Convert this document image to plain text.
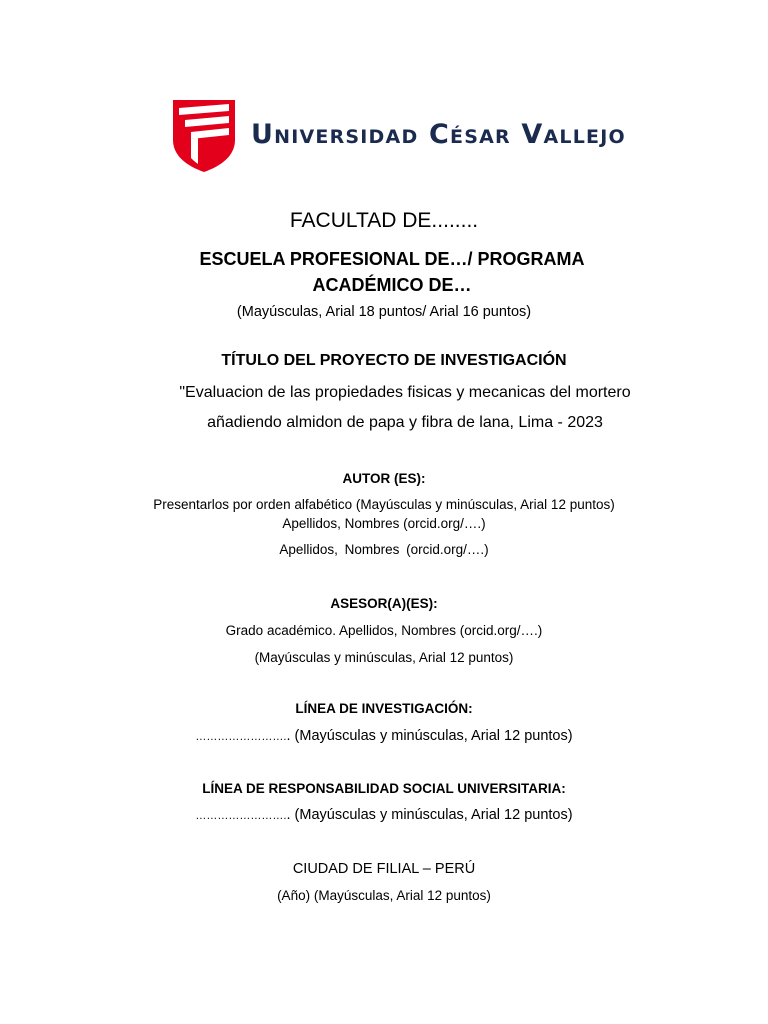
Universidad César Vallejo
FACULTAD DE........
ESCUELA PROFESIONAL DE…/ PROGRAMA ACADÉMICO DE…
(Mayúsculas, Arial 18 puntos/ Arial 16 puntos)
TÍTULO DEL PROYECTO DE INVESTIGACIÓN
"Evaluacion de las propiedades fisicas y mecanicas del mortero añadiendo almidon de papa y fibra de lana, Lima - 2023
AUTOR (ES):
Presentarlos por orden alfabético (Mayúsculas y minúsculas, Arial 12 puntos)
Apellidos, Nombres (orcid.org/….)
Apellidos, Nombres (orcid.org/….)
ASESOR(A)(ES):
Grado académico. Apellidos, Nombres (orcid.org/….)
(Mayúsculas y minúsculas, Arial 12 puntos)
LÍNEA DE INVESTIGACIÓN:
…………………….. (Mayúsculas y minúsculas, Arial 12 puntos)
LÍNEA DE RESPONSABILIDAD SOCIAL UNIVERSITARIA:
…………………….. (Mayúsculas y minúsculas, Arial 12 puntos)
CIUDAD DE FILIAL – PERÚ
(Año) (Mayúsculas, Arial 12 puntos)
